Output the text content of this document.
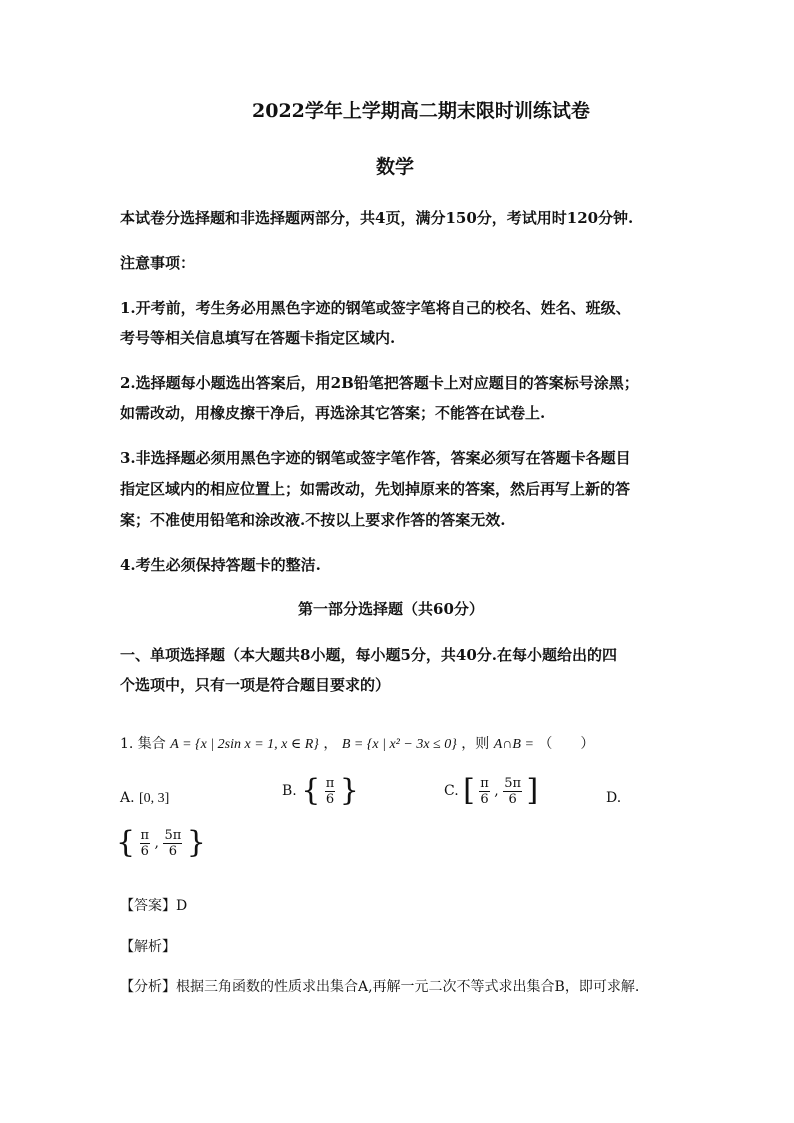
2022学年上学期高二期末限时训练试卷
数学
本试卷分选择题和非选择题两部分，共4页，满分150分，考试用时120分钟.
注意事项：
1.开考前，考生务必用黑色字迹的钢笔或签字笔将自己的校名、姓名、班级、
考号等相关信息填写在答题卡指定区域内.
2.选择题每小题选出答案后，用2B铅笔把答题卡上对应题目的答案标号涂黑；
如需改动，用橡皮擦干净后，再选涂其它答案；不能答在试卷上.
3.非选择题必须用黑色字迹的钢笔或签字笔作答，答案必须写在答题卡各题目
指定区域内的相应位置上；如需改动，先划掉原来的答案，然后再写上新的答
案；不准使用铅笔和涂改液.不按以上要求作答的答案无效.
4.考生必须保持答题卡的整洁.
第一部分选择题（共60分）
一、单项选择题（本大题共8小题，每小题5分，共40分.在每小题给出的四
个选项中，只有一项是符合题目要求的）
1. 集合 A = {x | 2sin x = 1, x ∈ R} ， B = {x | x² − 3x ≤ 0} ，则 A∩B = （　　）
A. [0, 3]	B. { $\frac{\pi}{6}$ }	C. [ $\frac{\pi}{6}$ , $\frac{5\pi}{6}$ ]	D.
{ $\frac{\pi}{6}$ , $\frac{5\pi}{6}$ }
【答案】D
【解析】
【分析】根据三角函数的性质求出集合A,再解一元二次不等式求出集合B，即可求解.
